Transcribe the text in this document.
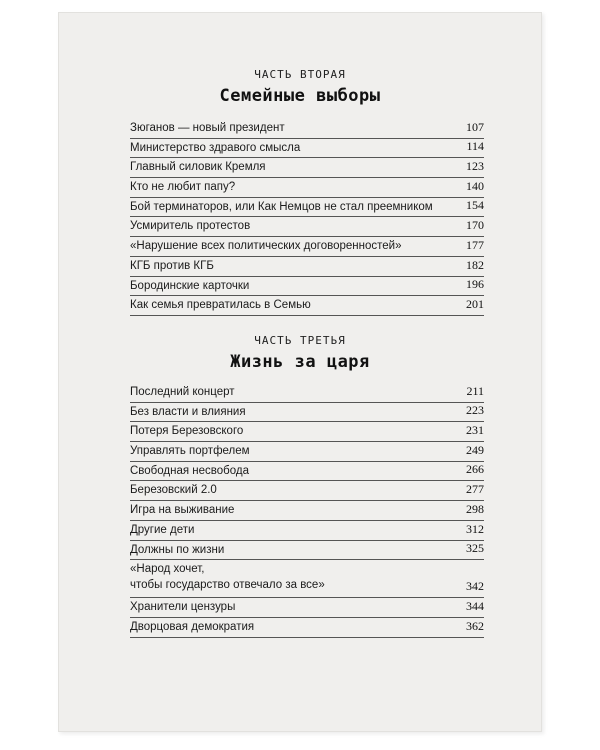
ЧАСТЬ ВТОРАЯ
Семейные выборы
Зюганов — новый президент	107
Министерство здравого смысла	114
Главный силовик Кремля	123
Кто не любит папу?	140
Бой терминаторов, или Как Немцов не стал преемником	154
Усмиритель протестов	170
«Нарушение всех политических договоренностей»	177
КГБ против КГБ	182
Бородинские карточки	196
Как семья превратилась в Семью	201
ЧАСТЬ ТРЕТЬЯ
Жизнь за царя
Последний концерт	211
Без власти и влияния	223
Потеря Березовского	231
Управлять портфелем	249
Свободная несвобода	266
Березовский 2.0	277
Игра на выживание	298
Другие дети	312
Должны по жизни	325
«Народ хочет,
чтобы государство отвечало за все»	342
Хранители цензуры	344
Дворцовая демократия	362
